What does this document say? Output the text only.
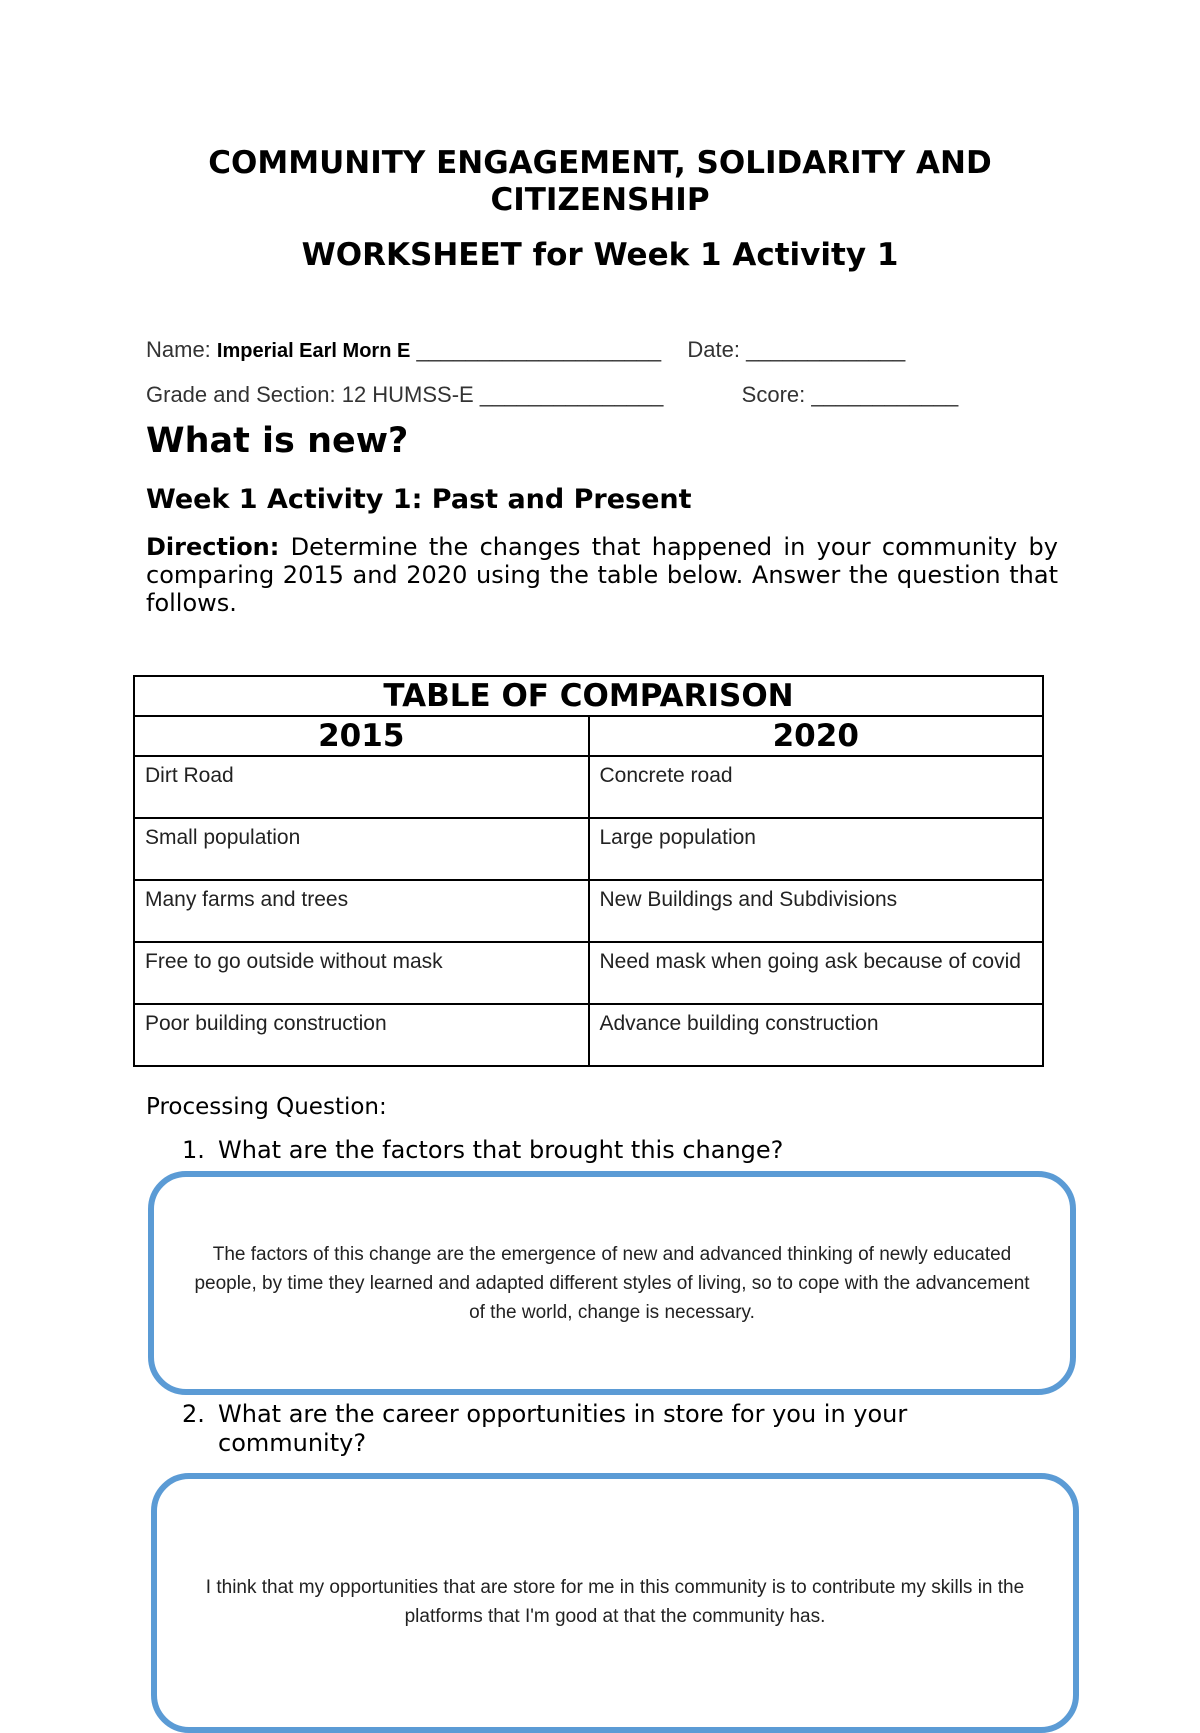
COMMUNITY ENGAGEMENT, SOLIDARITY AND
CITIZENSHIP
WORKSHEET for Week 1 Activity 1
Name: Imperial Earl Morn E ____________________ Date: _____________
Grade and Section: 12 HUMSS-E _______________	Score: ____________
What is new?
Week 1 Activity 1: Past and Present
Direction: Determine the changes that happened in your community by comparing 2015 and 2020 using the table below. Answer the question that follows.
TABLE OF COMPARISON	
2015	2020
Dirt Road	Concrete road
Small population	Large population
Many farms and trees	New Buildings and Subdivisions
Free to go outside without mask	Need mask when going ask because of covid
Poor building construction	Advance building construction
Processing Question:
1. What are the factors that brought this change?
The factors of this change are the emergence of new and advanced thinking of newly educated people, by time they learned and adapted different styles of living, so to cope with the advancement of the world, change is necessary.
2. What are the career opportunities in store for you in your community?
I think that my opportunities that are store for me in this community is to contribute my skills in the platforms that I'm good at that the community has.
